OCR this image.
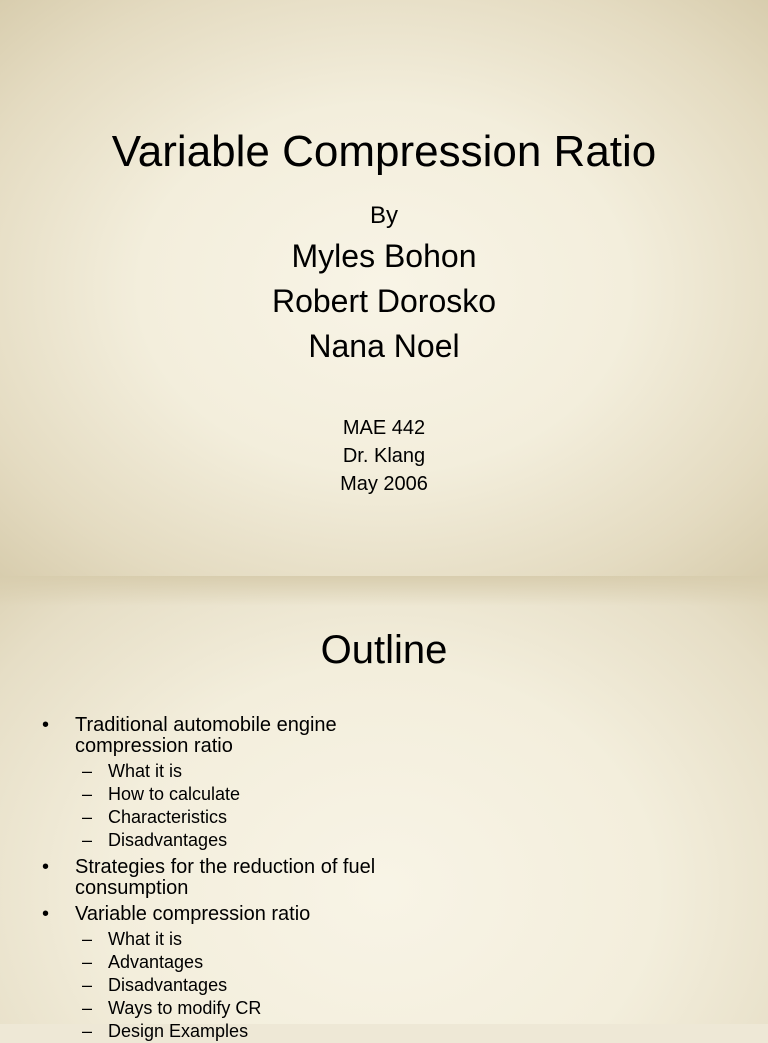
Variable Compression Ratio
By
Myles Bohon
Robert Dorosko
Nana Noel
MAE 442
Dr. Klang
May 2006
Outline
• Traditional automobile engine compression ratio
– What it is
– How to calculate
– Characteristics
– Disadvantages
• Strategies for the reduction of fuel consumption
• Variable compression ratio
– What it is
– Advantages
– Disadvantages
– Ways to modify CR
– Design Examples
